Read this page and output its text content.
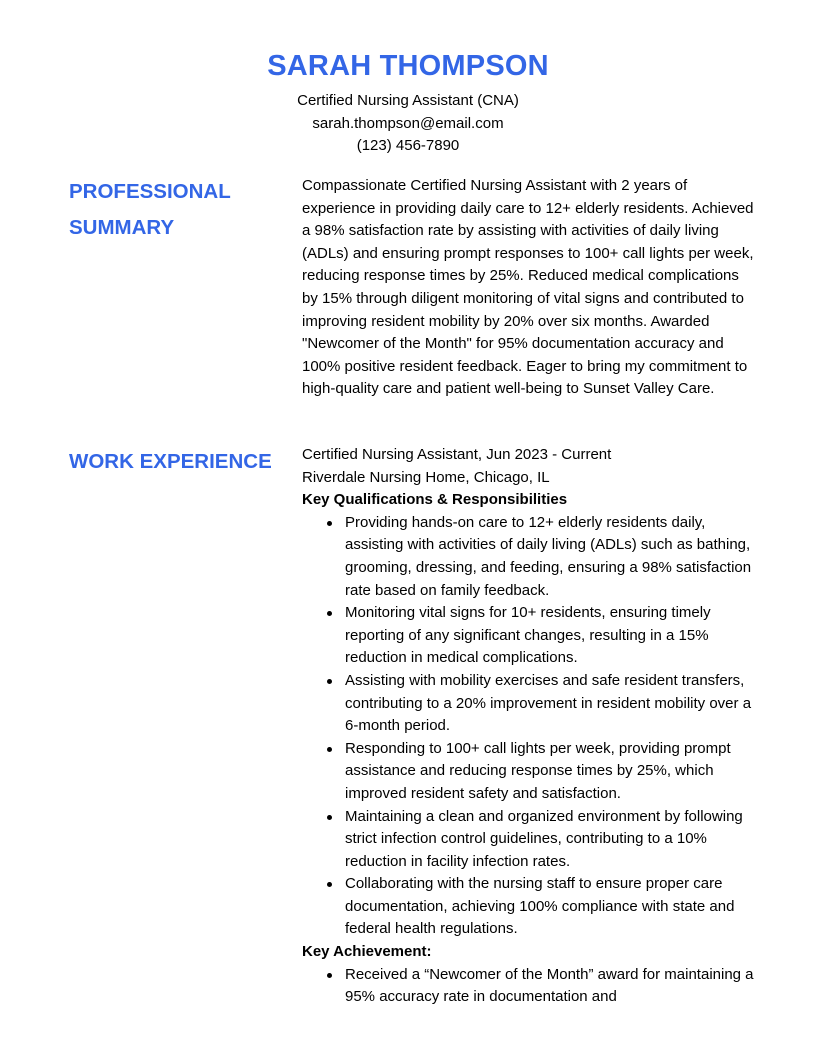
SARAH THOMPSON

Certified Nursing Assistant (CNA)

sarah.thompson@email.com

(123) 456-7890

PROFESSIONAL SUMMARY

Compassionate Certified Nursing Assistant with 2 years of experience in providing daily care to 12+ elderly residents. Achieved a 98% satisfaction rate by assisting with activities of daily living (ADLs) and ensuring prompt responses to 100+ call lights per week, reducing response times by 25%. Reduced medical complications by 15% through diligent monitoring of vital signs and contributed to improving resident mobility by 20% over six months. Awarded "Newcomer of the Month" for 95% documentation accuracy and 100% positive resident feedback. Eager to bring my commitment to high-quality care and patient well-being to Sunset Valley Care.

WORK EXPERIENCE	Certified Nursing Assistant, Jun 2023 - Current

Riverdale Nursing Home, Chicago, IL

Key Qualifications & Responsibilities

Providing hands-on care to 12+ elderly residents daily, assisting with activities of daily living (ADLs) such as bathing, grooming, dressing, and feeding, ensuring a 98% satisfaction rate based on family feedback.
Monitoring vital signs for 10+ residents, ensuring timely reporting of any significant changes, resulting in a 15% reduction in medical complications.
Assisting with mobility exercises and safe resident transfers, contributing to a 20% improvement in resident mobility over a 6-month period.
Responding to 100+ call lights per week, providing prompt assistance and reducing response times by 25%, which improved resident safety and satisfaction.
Maintaining a clean and organized environment by following strict infection control guidelines, contributing to a 10% reduction in facility infection rates.
Collaborating with the nursing staff to ensure proper care documentation, achieving 100% compliance with state and federal health regulations.

Key Achievement:

Received a “Newcomer of the Month” award for maintaining a 95% accuracy rate in documentation and
